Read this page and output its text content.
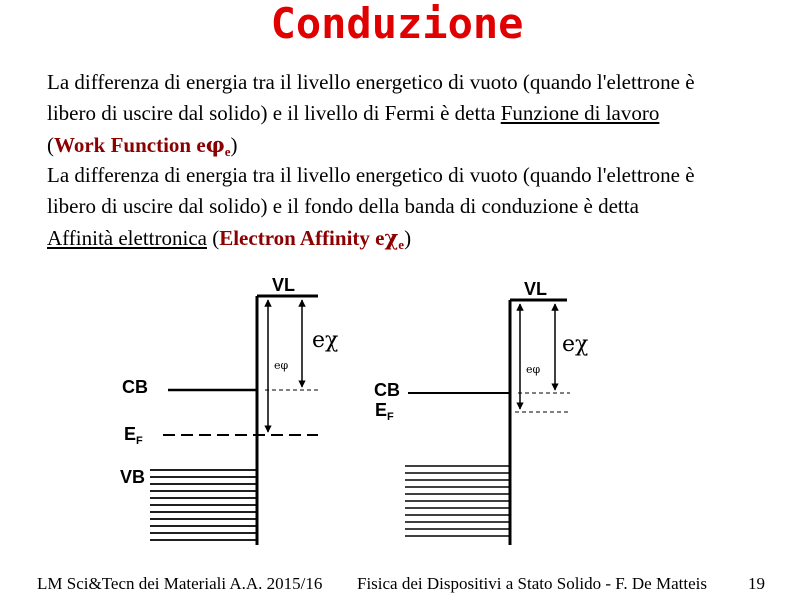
Conduzione
La differenza di energia tra il livello energetico di vuoto (quando l'elettrone è libero di uscire dal solido) e il livello di Fermi è detta Funzione di lavoro (Work Function $e\varphi_e$)
La differenza di energia tra il livello energetico di vuoto (quando l'elettrone è libero di uscire dal solido) e il fondo della banda di conduzione è detta Affinità elettronica (Electron Affinity $e\chi_e$)
VL
CB
$E_F$
VB
eφ
eχ
VL
CB
$E_F$
eφ
eχ
LM Sci&Tecn dei Materiali A.A. 2015/16 Fisica dei Dispositivi a Stato Solido - F. De Matteis 19
